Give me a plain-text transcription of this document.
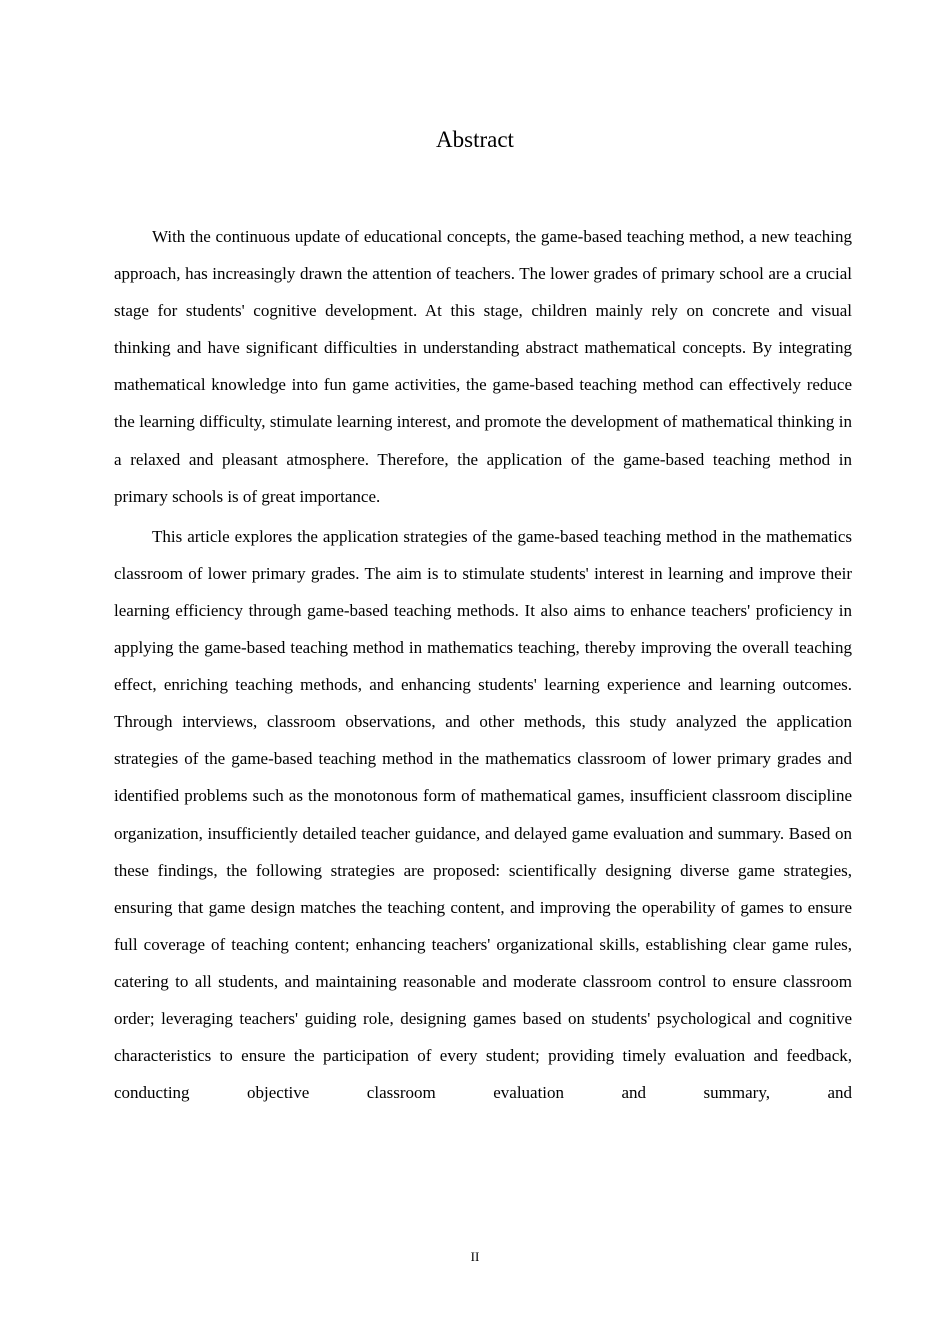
Abstract

With the continuous update of educational concepts, the game-based teaching method, a new teaching approach, has increasingly drawn the attention of teachers. The lower grades of primary school are a crucial stage for students' cognitive development. At this stage, children mainly rely on concrete and visual thinking and have significant difficulties in understanding abstract mathematical concepts. By integrating mathematical knowledge into fun game activities, the game-based teaching method can effectively reduce the learning difficulty, stimulate learning interest, and promote the development of mathematical thinking in a relaxed and pleasant atmosphere. Therefore, the application of the game-based teaching method in primary schools is of great importance.

This article explores the application strategies of the game-based teaching method in the mathematics classroom of lower primary grades. The aim is to stimulate students' interest in learning and improve their learning efficiency through game-based teaching methods. It also aims to enhance teachers' proficiency in applying the game-based teaching method in mathematics teaching, thereby improving the overall teaching effect, enriching teaching methods, and enhancing students' learning experience and learning outcomes. Through interviews, classroom observations, and other methods, this study analyzed the application strategies of the game-based teaching method in the mathematics classroom of lower primary grades and identified problems such as the monotonous form of mathematical games, insufficient classroom discipline organization, insufficiently detailed teacher guidance, and delayed game evaluation and summary. Based on these findings, the following strategies are proposed: scientifically designing diverse game strategies, ensuring that game design matches the teaching content, and improving the operability of games to ensure full coverage of teaching content; enhancing teachers' organizational skills, establishing clear game rules, catering to all students, and maintaining reasonable and moderate classroom control to ensure classroom order; leveraging teachers' guiding role, designing games based on students' psychological and cognitive characteristics to ensure the participation of every student; providing timely evaluation and feedback, conducting objective classroom evaluation and summary, and

II
